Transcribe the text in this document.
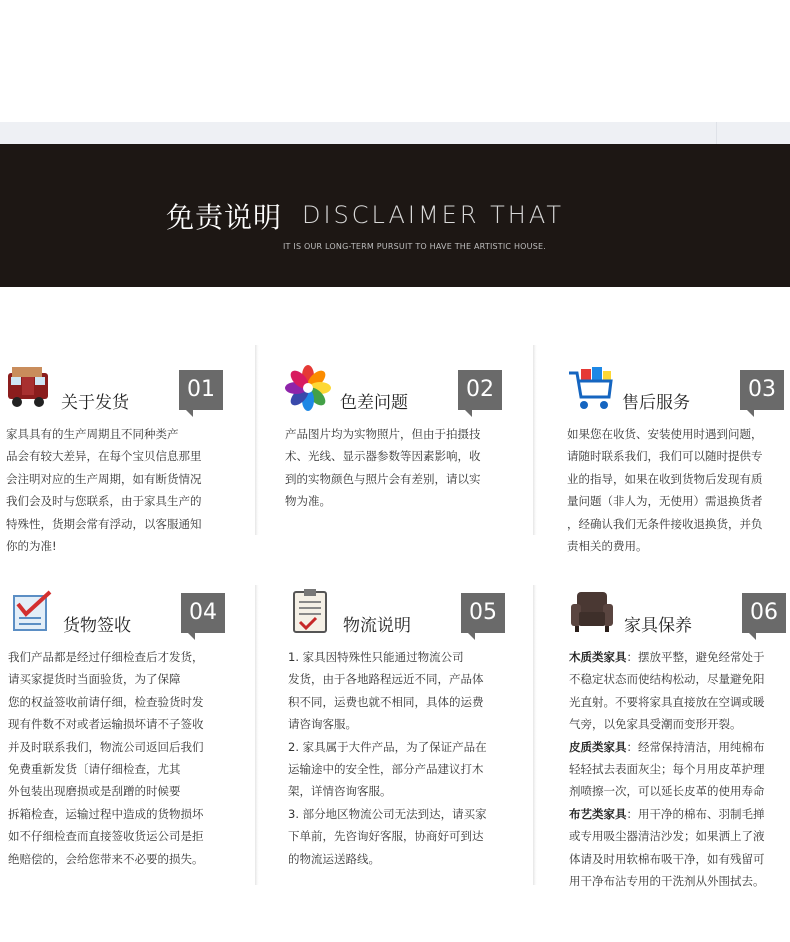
免责说明 DISCLAIMER THAT
IT IS OUR LONG-TERM PURSUIT TO HAVE THE ARTISTIC HOUSE.
关于发货
01

家具具有的生产周期且不同种类产

品会有较大差异，在每个宝贝信息那里

会注明对应的生产周期，如有断货情况

我们会及时与您联系，由于家具生产的

特殊性，货期会常有浮动，以客服通知

你的为准!

色差问题
02

产品图片均为实物照片，但由于拍摄技

术、光线、显示器参数等因素影响，收

到的实物颜色与照片会有差别，请以实

物为准。

售后服务
03

如果您在收货、安装使用时遇到问题，

请随时联系我们，我们可以随时提供专

业的指导，如果在收到货物后发现有质

量问题（非人为，无使用）需退换货者

，经确认我们无条件接收退换货，并负

责相关的费用。

货物签收
04

我们产品都是经过仔细检查后才发货，

请买家提货时当面验货，为了保障

您的权益签收前请仔细，检查验货时发

现有件数不对或者运输损坏请不子签收

并及时联系我们，物流公司返回后我们

免费重新发货〔请仔细检查，尤其

外包装出现磨损或是刮蹭的时候要

拆箱检查，运输过程中造成的货物损坏

如不仔细检查而直接签收货运公司是拒

绝赔偿的，会给您带来不必要的损失。

物流说明
05

1. 家具因特殊性只能通过物流公司

发货，由于各地路程远近不同，产品体

积不同，运费也就不相同，具体的运费

请咨询客服。

2. 家具属于大件产品，为了保证产品在

运输途中的安全性，部分产品建议打木

架，详情咨询客服。

3. 部分地区物流公司无法到达，请买家

下单前，先咨询好客服，协商好可到达

的物流运送路线。

家具保养
06

木质类家具：摆放平整，避免经常处于

不稳定状态而使结构松动，尽量避免阳

光直射。不要将家具直接放在空调或暖

气旁，以免家具受潮而变形开裂。

皮质类家具：经常保持清洁，用纯棉布

轻轻拭去表面灰尘；每个月用皮革护理

剂喷擦一次，可以延长皮革的使用寿命

布艺类家具：用干净的棉布、羽制毛掸

或专用吸尘器清洁沙发；如果洒上了液

体请及时用软棉布吸干净，如有残留可

用干净布沾专用的干洗剂从外围拭去。
